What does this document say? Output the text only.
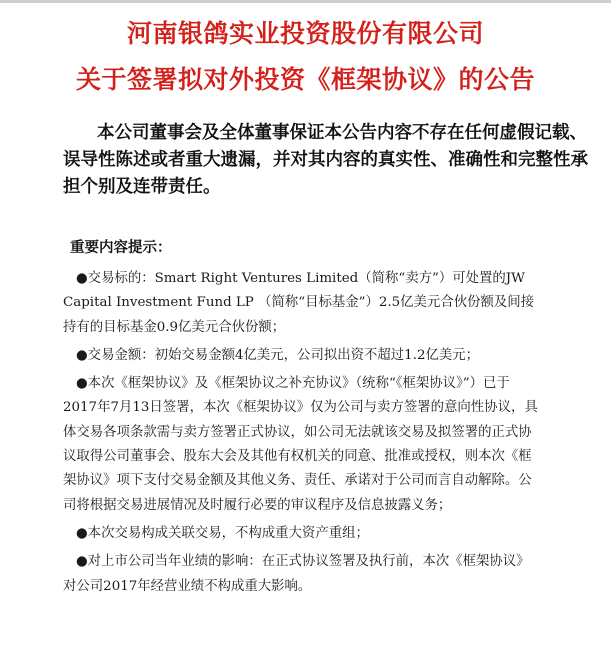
河南银鸽实业投资股份有限公司
关于签署拟对外投资《框架协议》的公告
本公司董事会及全体董事保证本公告内容不存在任何虚假记载、
误导性陈述或者重大遗漏，并对其内容的真实性、准确性和完整性承
担个别及连带责任。
重要内容提示：
●交易标的：Smart Right Ventures Limited（简称“卖方”）可处置的JW
Capital Investment Fund LP （简称“目标基金”）2.5亿美元合伙份额及间接
持有的目标基金0.9亿美元合伙份额；
●交易金额：初始交易金额4亿美元，公司拟出资不超过1.2亿美元；
●本次《框架协议》及《框架协议之补充协议》（统称“《框架协议》”）已于
2017年7月13日签署，本次《框架协议》仅为公司与卖方签署的意向性协议，具
体交易各项条款需与卖方签署正式协议，如公司无法就该交易及拟签署的正式协
议取得公司董事会、股东大会及其他有权机关的同意、批准或授权，则本次《框
架协议》项下支付交易金额及其他义务、责任、承诺对于公司而言自动解除。公
司将根据交易进展情况及时履行必要的审议程序及信息披露义务；
●本次交易构成关联交易，不构成重大资产重组；
●对上市公司当年业绩的影响：在正式协议签署及执行前，本次《框架协议》
对公司2017年经营业绩不构成重大影响。
